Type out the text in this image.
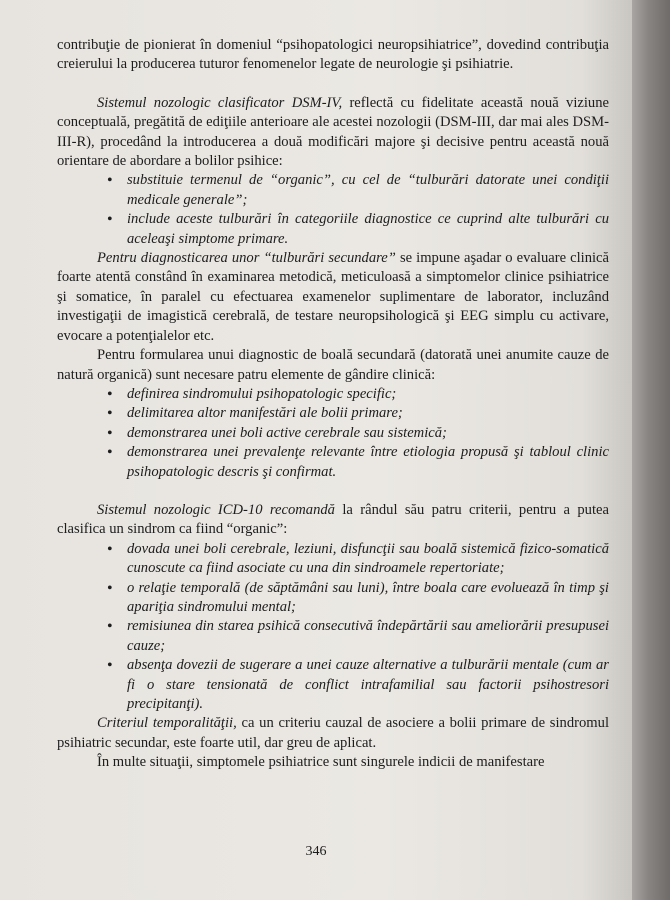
contribuţie de pionierat în domeniul “psihopatologici neuropsihiatrice”, dovedind contribuţia creierului la producerea tuturor fenomenelor legate de neurologie şi psihiatrie.

Sistemul nozologic clasificator DSM-IV, reflectă cu fidelitate această nouă viziune conceptuală, pregătită de ediţiile anterioare ale acestei nozologii (DSM-III, dar mai ales DSM-III-R), procedând la introducerea a două modificări majore şi decisive pentru această nouă orientare de abordare a bolilor psihice:

• substituie termenul de “organic”, cu cel de “tulburări datorate unei condiţii medicale generale”;
• include aceste tulburări în categoriile diagnostice ce cuprind alte tulburări cu aceleaşi simptome primare.

Pentru diagnosticarea unor “tulburări secundare” se impune aşadar o evaluare clinică foarte atentă constând în examinarea metodică, meticuloasă a simptomelor clinice psihiatrice şi somatice, în paralel cu efectuarea examenelor suplimentare de laborator, incluzând investigaţii de imagistică cerebrală, de testare neuropsihologică şi EEG simplu cu activare, evocare a potenţialelor etc.

Pentru formularea unui diagnostic de boală secundară (datorată unei anumite cauze de natură organică) sunt necesare patru elemente de gândire clinică:

• definirea sindromului psihopatologic specific;
• delimitarea altor manifestări ale bolii primare;
• demonstrarea unei boli active cerebrale sau sistemică;
• demonstrarea unei prevalenţe relevante între etiologia propusă şi tabloul clinic psihopatologic descris şi confirmat.

Sistemul nozologic ICD-10 recomandă la rândul său patru criterii, pentru a putea clasifica un sindrom ca fiind “organic”:

• dovada unei boli cerebrale, leziuni, disfuncţii sau boală sistemică fizico-somatică cunoscute ca fiind asociate cu una din sindroamele repertoriate;
• o relaţie temporală (de săptămâni sau luni), între boala care evoluează în timp şi apariţia sindromului mental;
• remisiunea din starea psihică consecutivă îndepărtării sau ameliorării presupusei cauze;
• absenţa dovezii de sugerare a unei cauze alternative a tulburării mentale (cum ar fi o stare tensionată de conflict intrafamilial sau factorii psihostresori precipitanţi).

Criteriul temporalităţii, ca un criteriu cauzal de asociere a bolii primare de sindromul psihiatric secundar, este foarte util, dar greu de aplicat.

În multe situaţii, simptomele psihiatrice sunt singurele indicii de manifestare

346
